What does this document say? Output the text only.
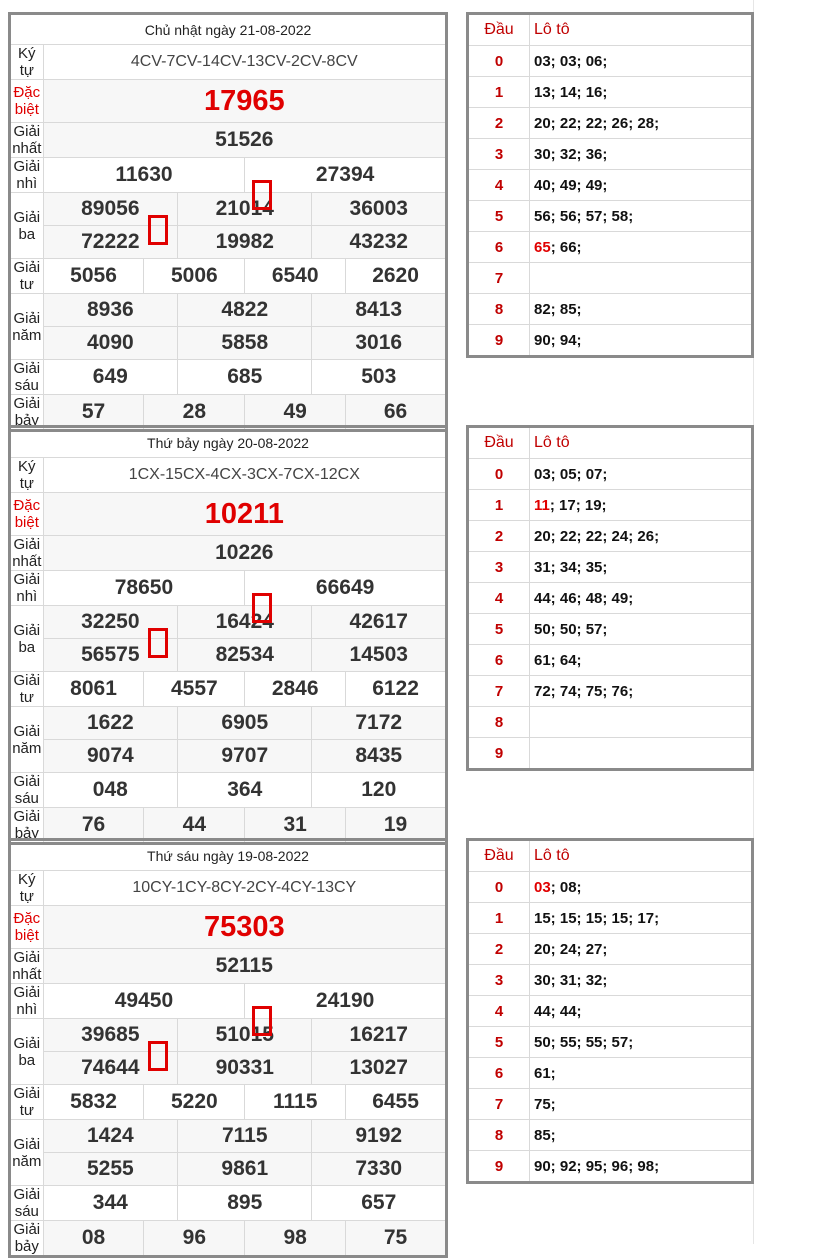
Chủ nhật ngày 21-08-2022						
Ký tự	4CV-7CV-14CV-13CV-2CV-8CV					
Đặc biệt	17965					
Giải nhất	51526					
Giải nhì	11630			27394		
Giải ba	89056		21014		36003	
	72222		19982		43232	
Giải tư	5056	5006		6540		2620
Giải năm	8936		4822		8413	
	4090		5858		3016	
Giải sáu	649		685		503	
Giải bảy	57	28		49		66
Đầu	Lô tô
0	03; 03; 06;
1	13; 14; 16;
2	20; 22; 22; 26; 28;
3	30; 32; 36;
4	40; 49; 49;
5	56; 56; 57; 58;
6	65; 66;
7	
8	82; 85;
9	90; 94;
Thứ bảy ngày 20-08-2022						
Ký tự	1CX-15CX-4CX-3CX-7CX-12CX					
Đặc biệt	10211					
Giải nhất	10226					
Giải nhì	78650			66649		
Giải ba	32250		16424		42617	
	56575		82534		14503	
Giải tư	8061	4557		2846		6122
Giải năm	1622		6905		7172	
	9074		9707		8435	
Giải sáu	048		364		120	
Giải bảy	76	44		31		19
Đầu	Lô tô
0	03; 05; 07;
1	11; 17; 19;
2	20; 22; 22; 24; 26;
3	31; 34; 35;
4	44; 46; 48; 49;
5	50; 50; 57;
6	61; 64;
7	72; 74; 75; 76;
8	
9	
Thứ sáu ngày 19-08-2022						
Ký tự	10CY-1CY-8CY-2CY-4CY-13CY					
Đặc biệt	75303					
Giải nhất	52115					
Giải nhì	49450			24190		
Giải ba	39685		51015		16217	
	74644		90331		13027	
Giải tư	5832	5220		1115		6455
Giải năm	1424		7115		9192	
	5255		9861		7330	
Giải sáu	344		895		657	
Giải bảy	08	96		98		75
Đầu	Lô tô
0	03; 08;
1	15; 15; 15; 15; 17;
2	20; 24; 27;
3	30; 31; 32;
4	44; 44;
5	50; 55; 55; 57;
6	61;
7	75;
8	85;
9	90; 92; 95; 96; 98;
